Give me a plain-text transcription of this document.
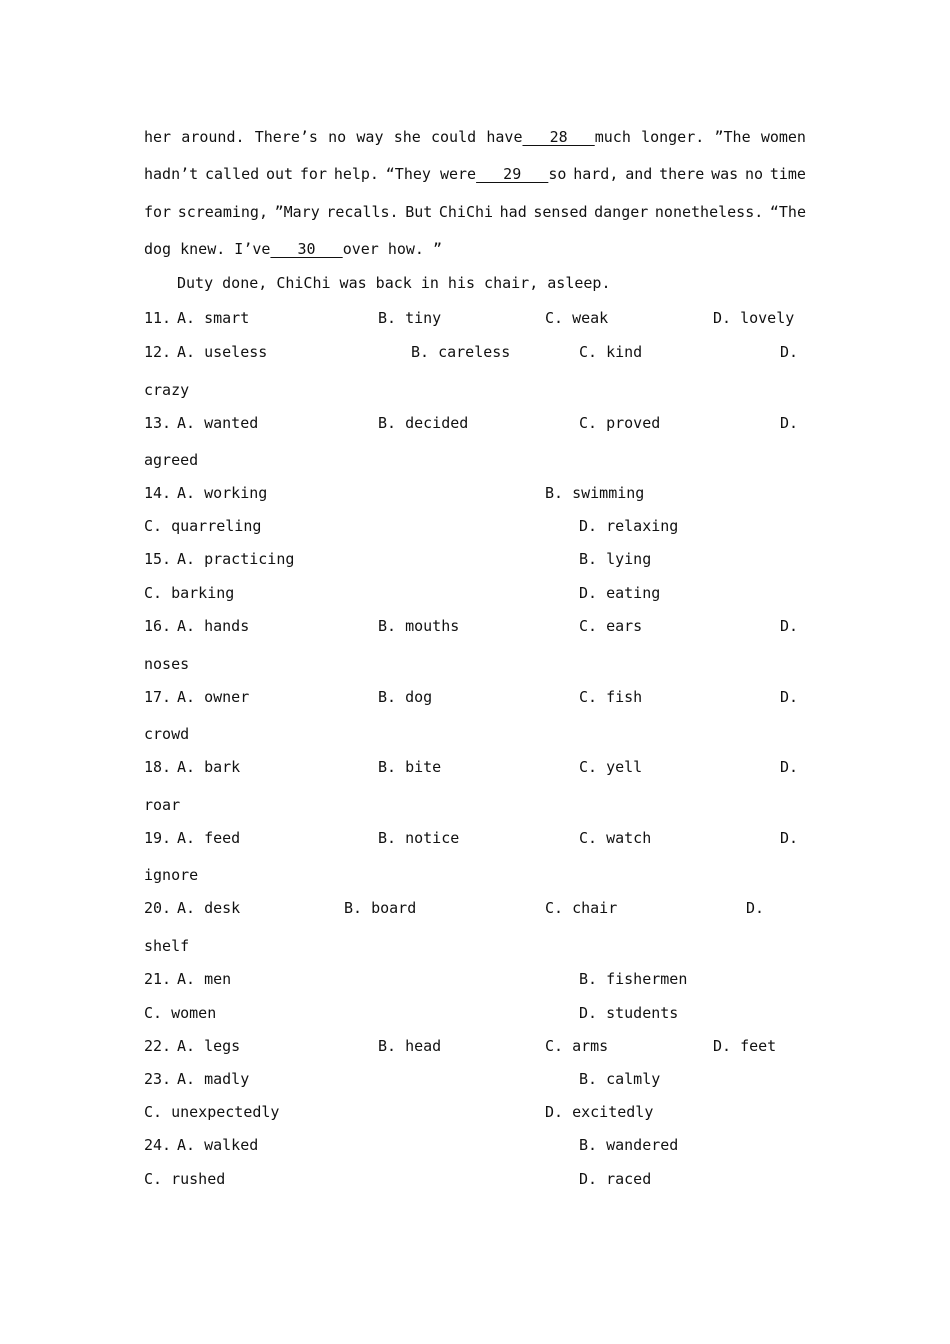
her around. There’s no way she could have   28   much longer. ”The women
hadn’t called out for help. “They were   29   so hard, and there was no time
for screaming, ”Mary recalls. But ChiChi had sensed danger nonetheless. “The
dog knew. I’ve   30   over how. ”
Duty done, ChiChi was back in his chair, asleep.
11. A. smart	B. tiny	C. weak	D. lovely
12. A. useless	B. careless	C. kind	D.
crazy
13. A. wanted	B. decided	C. proved	D.
agreed
14. A. working	B. swimming
C. quarreling	D. relaxing
15. A. practicing	B. lying
C. barking	D. eating
16. A. hands	B. mouths	C. ears	D.
noses
17. A. owner	B. dog	C. fish	D.
crowd
18. A. bark	B. bite	C. yell	D.
roar
19. A. feed	B. notice	C. watch	D.
ignore
20. A. desk	B. board	C. chair	D.
shelf
21. A. men	B. fishermen
C. women	D. students
22. A. legs	B. head	C. arms	D. feet
23. A. madly	B. calmly
C. unexpectedly	D. excitedly
24. A. walked	B. wandered
C. rushed	D. raced
